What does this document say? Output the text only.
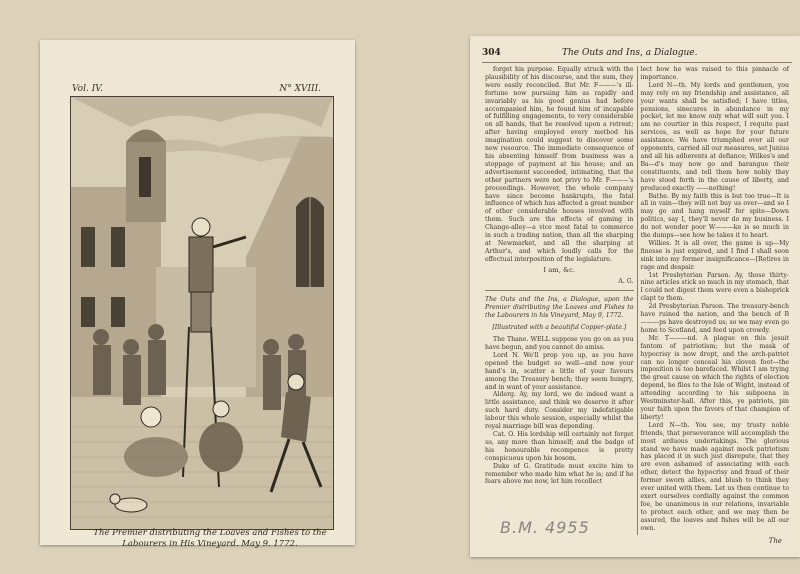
Vol. IV.	N° XVIII.
The Premier distributing the Loaves and Fishes to the
Labourers in His Vineyard. May 9. 1772.
304	The Outs and Ins, a Dialogue.

forget his purpose. Equally struck with the plausibility of his discourse, and the sum, they were easily reconciled. But Mr. F———'s ill-fortune now pursuing him as rapidly and invariably as his good genius had before accompanied him, he found him of incapable of fulfilling engagements, to very considerable on all hands, that he resolved upon a retreat; after having employed every method his imagination could suggest to discover some new resource. The immediate consequence of his absenting himself from business was a stoppage of payment at his house; and an advertisement succeeded, intimating, that the other partners were not privy to Mr. F———'s proceedings. However, the whole company have since become bankrupts, the fatal influence of which has affected a great number of other considerable houses involved with them. Such are the effects of gaming in Change-alley—a vice most fatal to commerce in such a trading nation, than all the sharping at Newmarket, and all the sharping at Arthur's, and which loudly calls for the effectual interposition of the legislature.

I am, &c.

A. G.

The Outs and the Ins, a Dialogue, upon the Premier distributing the Loaves and Fishes to the Labourers in his Vineyard, May 9, 1772.

[Illustrated with a beautiful Copper-plate.]

The Thane. WELL suppose you go on as you have begun, and you cannot do amiss.

Lord N. We'll prop you up, as you have opened the budget so well—and now your hand's in, scatter a little of your favours among the Treasury bench; they seem hungry, and in want of your assistance.

Alderg. Ay, my lord, we do indeed want a little assistance, and think we deserve it after such hard duty. Consider my indefatigable labour this whole session, especially whilst the royal marriage bill was depending.

Cat. O. His lordship will certainly not forget us, any more than himself; and the badge of his honourable recompence is pretty conspicuous upon his bosom.

Duke of G. Gratitude must excite him to remember who made him what he is; and if he fears above me now, let him recollect

lect how he was raised to this pinnacle of importance.

Lord N—th. My lords and gentlemen, you may rely on my friendship and assistance, all your wants shall be satisfied; I have titles, pensions, sinecures in abundance in my pocket, let me know only what will suit you. I am no courtier in this respect, I requite past services, as well as hope for your future assistance. We have triumphed over all our opponents, carried all our measures, set Junius and all his adherents at defiance; Wilkes's and Ba—d's may now go and harangue their constituents, and tell them how nobly they have stood forth in the cause of liberty, and produced exactly ——nothing!

Bathe. By my faith this is but too true—It is all in vain—they will not buy us over—and so I may go and hang myself for spite—Down politics, say I, they'll never do my business. I do not wonder poor W———ke is so much in the dumps—see how he takes it to heart.

Wilkes. It is all over, the game is up—My finesse is just expired, and I find I shall soon sink into my former insignificance—[Retires in rage and despair.

1st Presbyterian Parson. Ay, those thirty-nine articles stick so much in my stomach, that I could not digest them were even a bishoprick clapt to them.

2d Presbyterian Parson. The treasury-bench have ruined the nation, and the bench of B———ps have destroyed us; so we may even go home to Scotland, and feed upon crowdy.

Mr. T———nd. A plague on this jesuit fantom of patriotism; but the mask of hypocrisy is now dropt, and the arch-patriot can no longer conceal his cloven foot—the imposition is too barefaced. Whilst I am trying the great cause on which the rights of election depend, he flies to the Isle of Wight, instead of attending according to his subpoena in Westminster-hall. After this, ye patriots, pin your faith upon the favors of that champion of liberty!

Lord N—th. You see, my trusty noble friends, that perseverance will accomplish the most arduous undertakings. The glorious stand we have made against mock patriotism has placed it in such just disrepute, that they are even ashamed of associating with each other, detect the hypocrisy and fraud of their former sworn allies, and blush to think they ever united with them. Let us then continue to exert ourselves cordially against the common foe, be unanimous in our relations, invariable to protect each other, and we may then be assured, the loaves and fishes will be all our own.

The
B.M. 4955
